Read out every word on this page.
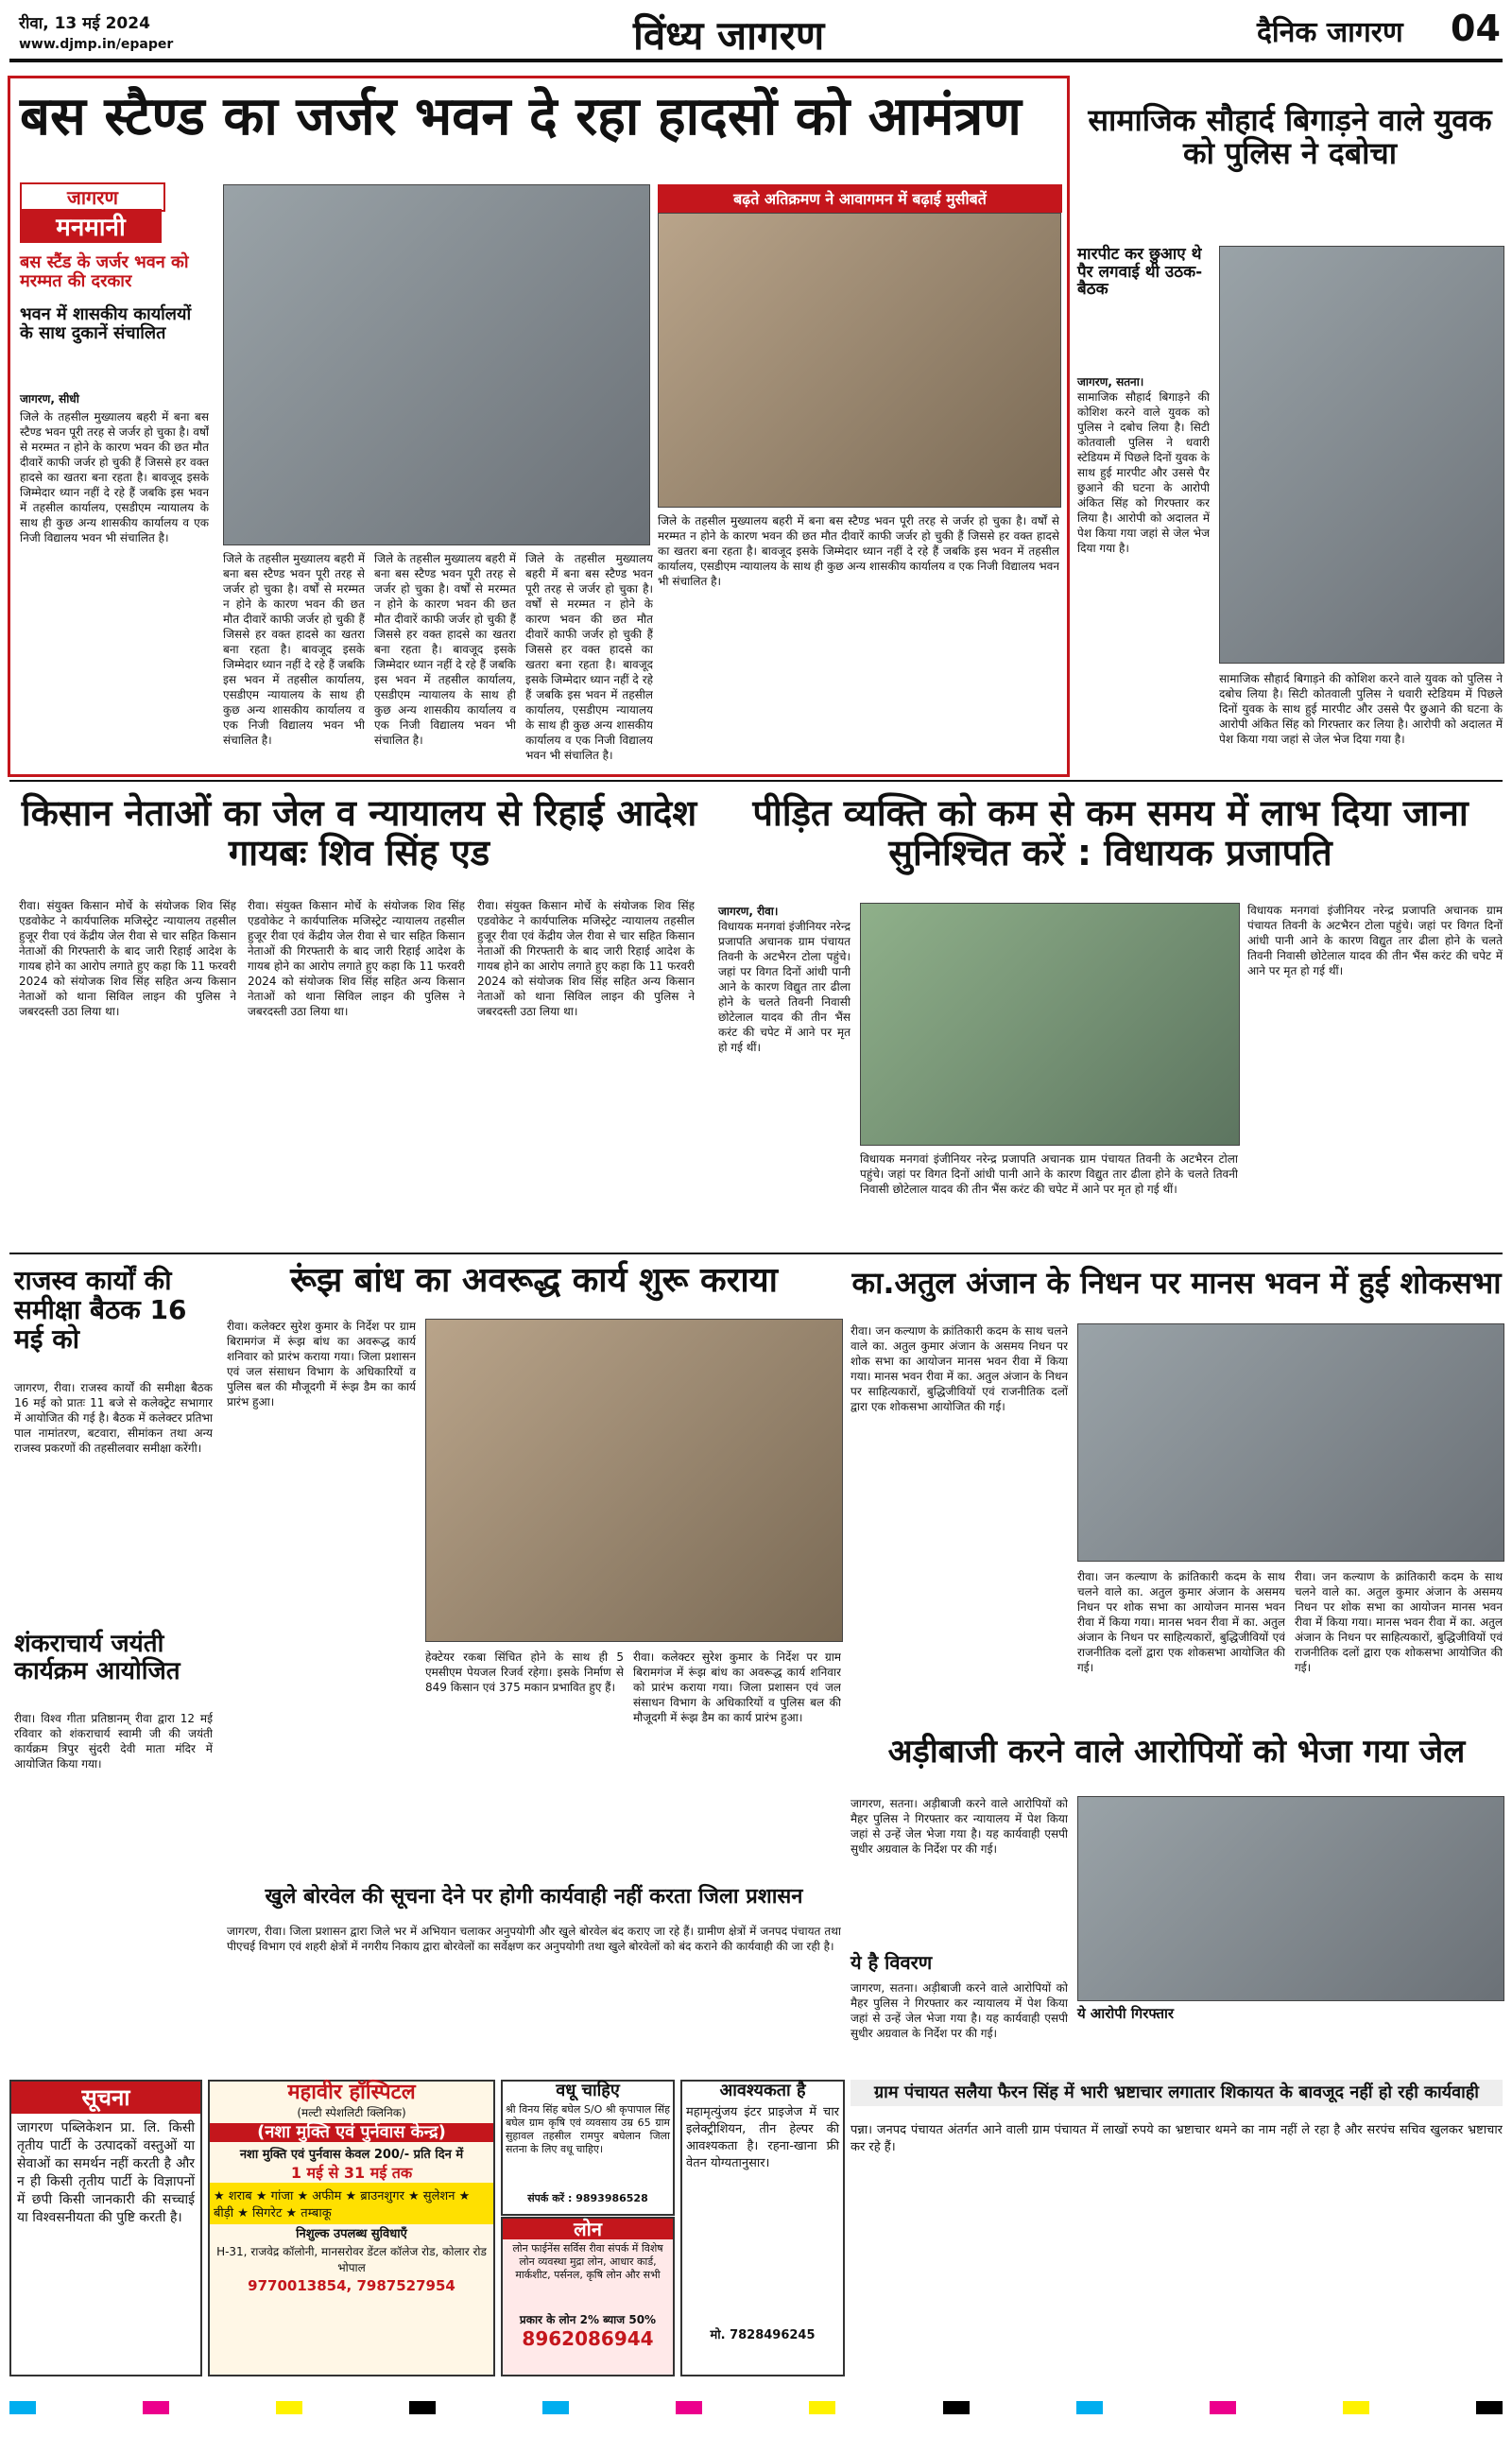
रीवा, 13 मई 2024
www.djmp.in/epaper	विंध्य जागरण	दैनिक जागरण 04
बस स्टैण्ड का जर्जर भवन दे रहा हादसों को आमंत्रण
जागरण
मनमानी
बस स्टैंड के जर्जर भवन को मरम्मत की दरकार
भवन में शासकीय कार्यालयों के साथ दुकानें संचालित
जागरण, सीधी
जिले के तहसील मुख्यालय बहरी में बना बस स्टैण्ड भवन पूरी तरह से जर्जर हो चुका है। वर्षों से मरम्मत न होने के कारण भवन की छत मौत दीवारें काफी जर्जर हो चुकी हैं जिससे हर वक्त हादसे का खतरा बना रहता है। बावजूद इसके जिम्मेदार ध्यान नहीं दे रहे हैं जबकि इस भवन में तहसील कार्यालय, एसडीएम न्यायालय के साथ ही कुछ अन्य शासकीय कार्यालय व एक निजी विद्यालय भवन भी संचालित है।
बढ़ते अतिक्रमण ने आवागमन में बढ़ाई मुसीबतें
जिले के तहसील मुख्यालय बहरी में बना बस स्टैण्ड भवन पूरी तरह से जर्जर हो चुका है। वर्षों से मरम्मत न होने के कारण भवन की छत मौत दीवारें काफी जर्जर हो चुकी हैं जिससे हर वक्त हादसे का खतरा बना रहता है। बावजूद इसके जिम्मेदार ध्यान नहीं दे रहे हैं जबकि इस भवन में तहसील कार्यालय, एसडीएम न्यायालय के साथ ही कुछ अन्य शासकीय कार्यालय व एक निजी विद्यालय भवन भी संचालित है।
जिले के तहसील मुख्यालय बहरी में बना बस स्टैण्ड भवन पूरी तरह से जर्जर हो चुका है। वर्षों से मरम्मत न होने के कारण भवन की छत मौत दीवारें काफी जर्जर हो चुकी हैं जिससे हर वक्त हादसे का खतरा बना रहता है। बावजूद इसके जिम्मेदार ध्यान नहीं दे रहे हैं जबकि इस भवन में तहसील कार्यालय, एसडीएम न्यायालय के साथ ही कुछ अन्य शासकीय कार्यालय व एक निजी विद्यालय भवन भी संचालित है।
जिले के तहसील मुख्यालय बहरी में बना बस स्टैण्ड भवन पूरी तरह से जर्जर हो चुका है। वर्षों से मरम्मत न होने के कारण भवन की छत मौत दीवारें काफी जर्जर हो चुकी हैं जिससे हर वक्त हादसे का खतरा बना रहता है। बावजूद इसके जिम्मेदार ध्यान नहीं दे रहे हैं जबकि इस भवन में तहसील कार्यालय, एसडीएम न्यायालय के साथ ही कुछ अन्य शासकीय कार्यालय व एक निजी विद्यालय भवन भी संचालित है।
जिले के तहसील मुख्यालय बहरी में बना बस स्टैण्ड भवन पूरी तरह से जर्जर हो चुका है। वर्षों से मरम्मत न होने के कारण भवन की छत मौत दीवारें काफी जर्जर हो चुकी हैं जिससे हर वक्त हादसे का खतरा बना रहता है। बावजूद इसके जिम्मेदार ध्यान नहीं दे रहे हैं जबकि इस भवन में तहसील कार्यालय, एसडीएम न्यायालय के साथ ही कुछ अन्य शासकीय कार्यालय व एक निजी विद्यालय भवन भी संचालित है।
सामाजिक सौहार्द बिगाड़ने वाले युवक को पुलिस ने दबोचा
मारपीट कर छुआए थे पैर लगवाई थी उठक-बैठक
जागरण, सतना।
सामाजिक सौहार्द बिगाड़ने की कोशिश करने वाले युवक को पुलिस ने दबोच लिया है। सिटी कोतवाली पुलिस ने धवारी स्टेडियम में पिछले दिनों युवक के साथ हुई मारपीट और उससे पैर छुआने की घटना के आरोपी अंकित सिंह को गिरफ्तार कर लिया है। आरोपी को अदालत में पेश किया गया जहां से जेल भेज दिया गया है।
सामाजिक सौहार्द बिगाड़ने की कोशिश करने वाले युवक को पुलिस ने दबोच लिया है। सिटी कोतवाली पुलिस ने धवारी स्टेडियम में पिछले दिनों युवक के साथ हुई मारपीट और उससे पैर छुआने की घटना के आरोपी अंकित सिंह को गिरफ्तार कर लिया है। आरोपी को अदालत में पेश किया गया जहां से जेल भेज दिया गया है।
किसान नेताओं का जेल व न्यायालय से रिहाई आदेश गायबः शिव सिंह एड
रीवा। संयुक्त किसान मोर्चे के संयोजक शिव सिंह एडवोकेट ने कार्यपालिक मजिस्ट्रेट न्यायालय तहसील हुजूर रीवा एवं केंद्रीय जेल रीवा से चार सहित किसान नेताओं की गिरफ्तारी के बाद जारी रिहाई आदेश के गायब होने का आरोप लगाते हुए कहा कि 11 फरवरी 2024 को संयोजक शिव सिंह सहित अन्य किसान नेताओं को थाना सिविल लाइन की पुलिस ने जबरदस्ती उठा लिया था।
रीवा। संयुक्त किसान मोर्चे के संयोजक शिव सिंह एडवोकेट ने कार्यपालिक मजिस्ट्रेट न्यायालय तहसील हुजूर रीवा एवं केंद्रीय जेल रीवा से चार सहित किसान नेताओं की गिरफ्तारी के बाद जारी रिहाई आदेश के गायब होने का आरोप लगाते हुए कहा कि 11 फरवरी 2024 को संयोजक शिव सिंह सहित अन्य किसान नेताओं को थाना सिविल लाइन की पुलिस ने जबरदस्ती उठा लिया था।
रीवा। संयुक्त किसान मोर्चे के संयोजक शिव सिंह एडवोकेट ने कार्यपालिक मजिस्ट्रेट न्यायालय तहसील हुजूर रीवा एवं केंद्रीय जेल रीवा से चार सहित किसान नेताओं की गिरफ्तारी के बाद जारी रिहाई आदेश के गायब होने का आरोप लगाते हुए कहा कि 11 फरवरी 2024 को संयोजक शिव सिंह सहित अन्य किसान नेताओं को थाना सिविल लाइन की पुलिस ने जबरदस्ती उठा लिया था।
पीड़ित व्यक्ति को कम से कम समय में लाभ दिया जाना सुनिश्चित करें : विधायक प्रजापति
जागरण, रीवा।
विधायक मनगवां इंजीनियर नरेन्द्र प्रजापति अचानक ग्राम पंचायत तिवनी के अटभैरन टोला पहुंचे। जहां पर विगत दिनों आंधी पानी आने के कारण विद्युत तार ढीला होने के चलते तिवनी निवासी छोटेलाल यादव की तीन भैंस करंट की चपेट में आने पर मृत हो गई थीं।
विधायक मनगवां इंजीनियर नरेन्द्र प्रजापति अचानक ग्राम पंचायत तिवनी के अटभैरन टोला पहुंचे। जहां पर विगत दिनों आंधी पानी आने के कारण विद्युत तार ढीला होने के चलते तिवनी निवासी छोटेलाल यादव की तीन भैंस करंट की चपेट में आने पर मृत हो गई थीं।
विधायक मनगवां इंजीनियर नरेन्द्र प्रजापति अचानक ग्राम पंचायत तिवनी के अटभैरन टोला पहुंचे। जहां पर विगत दिनों आंधी पानी आने के कारण विद्युत तार ढीला होने के चलते तिवनी निवासी छोटेलाल यादव की तीन भैंस करंट की चपेट में आने पर मृत हो गई थीं।
राजस्व कार्यों की समीक्षा बैठक 16 मई को
जागरण, रीवा। राजस्व कार्यों की समीक्षा बैठक 16 मई को प्रातः 11 बजे से कलेक्ट्रेट सभागार में आयोजित की गई है। बैठक में कलेक्टर प्रतिभा पाल नामांतरण, बटवारा, सीमांकन तथा अन्य राजस्व प्रकरणों की तहसीलवार समीक्षा करेंगी।
शंकराचार्य जयंती कार्यक्रम आयोजित
रीवा। विश्व गीता प्रतिष्ठानम् रीवा द्वारा 12 मई रविवार को शंकराचार्य स्वामी जी की जयंती कार्यक्रम त्रिपुर सुंदरी देवी माता मंदिर में आयोजित किया गया।
रूंझ बांध का अवरूद्ध कार्य शुरू कराया
रीवा। कलेक्टर सुरेश कुमार के निर्देश पर ग्राम बिरामगंज में रूंझ बांध का अवरूद्ध कार्य शनिवार को प्रारंभ कराया गया। जिला प्रशासन एवं जल संसाधन विभाग के अधिकारियों व पुलिस बल की मौजूदगी में रूंझ डैम का कार्य प्रारंभ हुआ।
हेक्टेयर रकबा सिंचित होने के साथ ही 5 एमसीएम पेयजल रिजर्व रहेगा। इसके निर्माण से 849 किसान एवं 375 मकान प्रभावित हुए हैं।
रीवा। कलेक्टर सुरेश कुमार के निर्देश पर ग्राम बिरामगंज में रूंझ बांध का अवरूद्ध कार्य शनिवार को प्रारंभ कराया गया। जिला प्रशासन एवं जल संसाधन विभाग के अधिकारियों व पुलिस बल की मौजूदगी में रूंझ डैम का कार्य प्रारंभ हुआ।
खुले बोरवेल की सूचना देने पर होगी कार्यवाही नहीं करता जिला प्रशासन
जागरण, रीवा। जिला प्रशासन द्वारा जिले भर में अभियान चलाकर अनुपयोगी और खुले बोरवेल बंद कराए जा रहे हैं। ग्रामीण क्षेत्रों में जनपद पंचायत तथा पीएचई विभाग एवं शहरी क्षेत्रों में नगरीय निकाय द्वारा बोरवेलों का सर्वेक्षण कर अनुपयोगी तथा खुले बोरवेलों को बंद कराने की कार्यवाही की जा रही है।
का.अतुल अंजान के निधन पर मानस भवन में हुई शोकसभा
रीवा। जन कल्याण के क्रांतिकारी कदम के साथ चलने वाले का. अतुल कुमार अंजान के असमय निधन पर शोक सभा का आयोजन मानस भवन रीवा में किया गया। मानस भवन रीवा में का. अतुल अंजान के निधन पर साहित्यकारों, बुद्धिजीवियों एवं राजनीतिक दलों द्वारा एक शोकसभा आयोजित की गई।
रीवा। जन कल्याण के क्रांतिकारी कदम के साथ चलने वाले का. अतुल कुमार अंजान के असमय निधन पर शोक सभा का आयोजन मानस भवन रीवा में किया गया। मानस भवन रीवा में का. अतुल अंजान के निधन पर साहित्यकारों, बुद्धिजीवियों एवं राजनीतिक दलों द्वारा एक शोकसभा आयोजित की गई।
रीवा। जन कल्याण के क्रांतिकारी कदम के साथ चलने वाले का. अतुल कुमार अंजान के असमय निधन पर शोक सभा का आयोजन मानस भवन रीवा में किया गया। मानस भवन रीवा में का. अतुल अंजान के निधन पर साहित्यकारों, बुद्धिजीवियों एवं राजनीतिक दलों द्वारा एक शोकसभा आयोजित की गई।
अड़ीबाजी करने वाले आरोपियों को भेजा गया जेल
जागरण, सतना। अड़ीबाजी करने वाले आरोपियों को मैहर पुलिस ने गिरफ्तार कर न्यायालय में पेश किया जहां से उन्हें जेल भेजा गया है। यह कार्यवाही एसपी सुधीर अग्रवाल के निर्देश पर की गई।
ये है विवरण
जागरण, सतना। अड़ीबाजी करने वाले आरोपियों को मैहर पुलिस ने गिरफ्तार कर न्यायालय में पेश किया जहां से उन्हें जेल भेजा गया है। यह कार्यवाही एसपी सुधीर अग्रवाल के निर्देश पर की गई।
ये आरोपी गिरफ्तार
सूचना
जागरण पब्लिकेशन प्रा. लि. किसी तृतीय पार्टी के उत्पादकों वस्तुओं या सेवाओं का समर्थन नहीं करती है और न ही किसी तृतीय पार्टी के विज्ञापनों में छपी किसी जानकारी की सच्चाई या विश्वसनीयता की पुष्टि करती है।
महावीर हॉस्पिटल
(मल्टी स्पेशलिटी क्लिनिक)
(नशा मुक्ति एवं पुर्नवास केन्द्र)
नशा मुक्ति एवं पुर्नवास केवल 200/- प्रति दिन में
1 मई से 31 मई तक
★ शराब ★ गांजा ★ अफीम ★ ब्राउनशुगर ★ सुलेशन ★ बीड़ी ★ सिगरेट ★ तम्बाकू
निशुल्क उपलब्ध सुविधाएँ
H-31, राजवेद्र कॉलोनी, मानसरोवर डेंटल कॉलेज रोड, कोलार रोड भोपाल
9770013854, 7987527954
वधू चाहिए
श्री विनय सिंह बघेल S/O श्री कृपापाल सिंह बघेल ग्राम कृषि एवं व्यवसाय उम्र 65 ग्राम सुहावल तहसील रामपुर बघेलान जिला सतना के लिए वधू चाहिए।
संपर्क करें : 9893986528
लोन
लोन फाईनेंस सर्विस रीवा संपर्क में विशेष लोन व्यवस्था मुद्रा लोन, आधार कार्ड, मार्कशीट, पर्सनल, कृषि लोन और सभी
प्रकार के लोन 2% ब्याज 50%
8962086944
आवश्यकता है
महामृत्युंजय इंटर प्राइजेज में चार इलेक्ट्रीशियन, तीन हेल्पर की आवश्यकता है। रहना-खाना फ्री वेतन योग्यतानुसार।
मो. 7828496245
ग्राम पंचायत सलैया फैरन सिंह में भारी भ्रष्टाचार लगातार शिकायत के बावजूद नहीं हो रही कार्यवाही
पन्ना। जनपद पंचायत अंतर्गत आने वाली ग्राम पंचायत में लाखों रुपये का भ्रष्टाचार थमने का नाम नहीं ले रहा है और सरपंच सचिव खुलकर भ्रष्टाचार कर रहे हैं।
